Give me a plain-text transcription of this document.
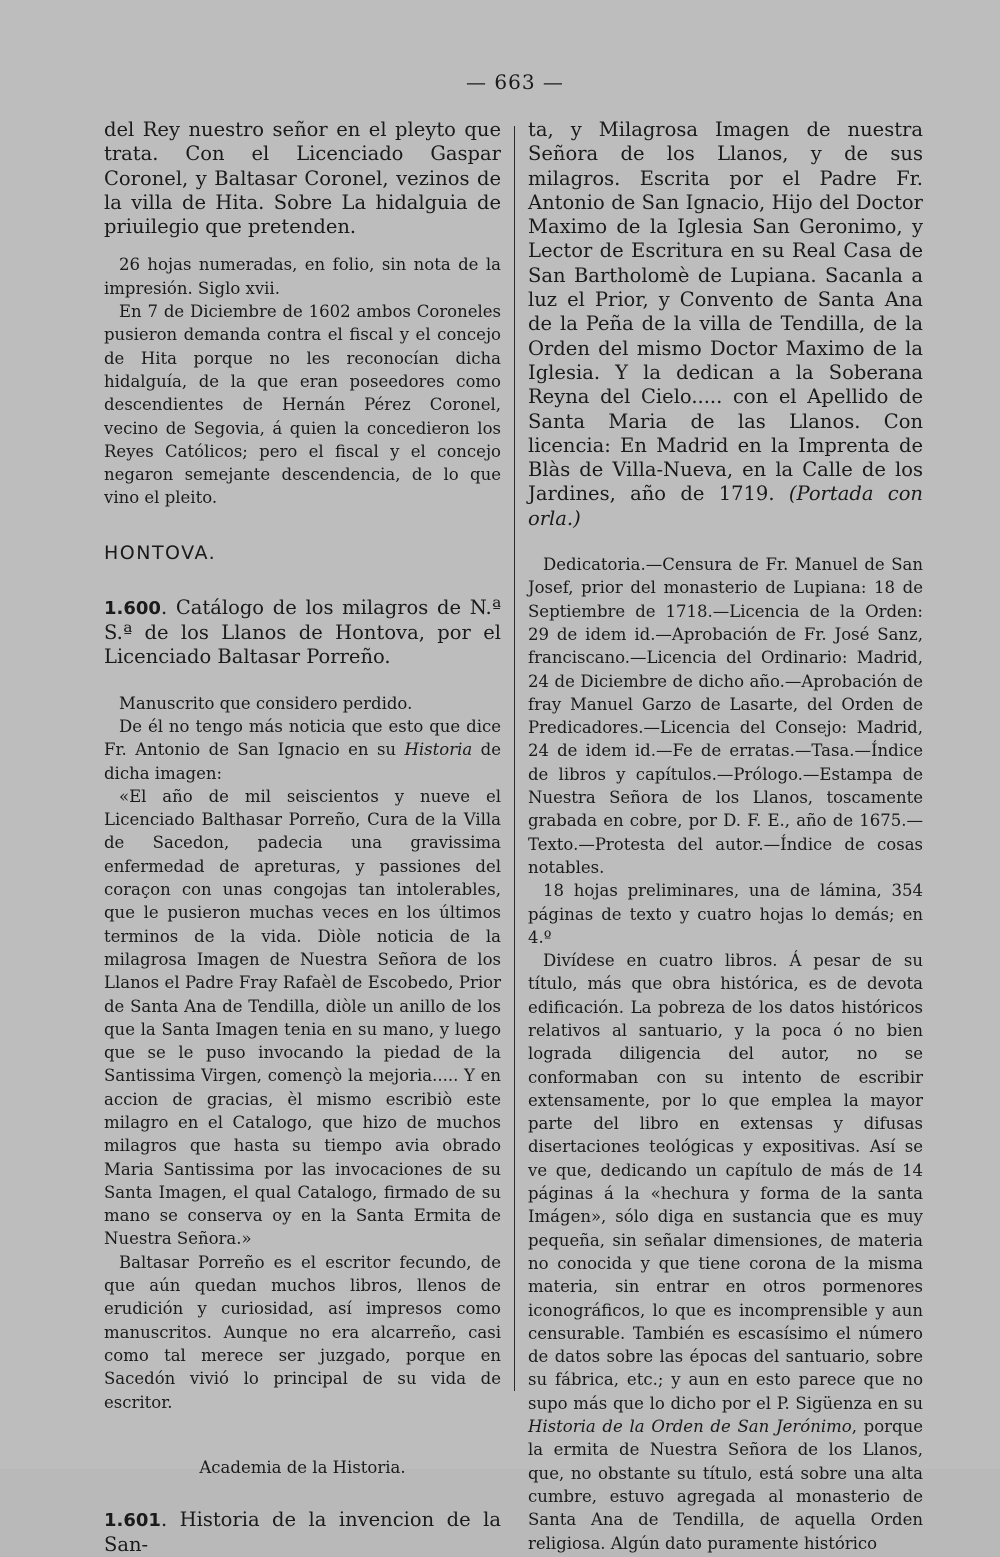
— 663 —

del Rey nuestro señor en el pleyto que trata. Con el Licenciado Gaspar Coronel, y Baltasar Coronel, vezinos de la villa de Hita. Sobre La hidalguia de priuilegio que pretenden.

26 hojas numeradas, en folio, sin nota de la impresión. Siglo xvii.

En 7 de Diciembre de 1602 ambos Coroneles pusieron demanda contra el fiscal y el concejo de Hita porque no les reconocían dicha hidalguía, de la que eran poseedores como descendientes de Hernán Pérez Coronel, vecino de Segovia, á quien la concedieron los Reyes Católicos; pero el fiscal y el concejo negaron semejante descendencia, de lo que vino el pleito.

HONTOVA.

1.600. Catálogo de los milagros de N.ª S.ª de los Llanos de Hontova, por el Licenciado Baltasar Porreño.

Manuscrito que considero perdido.

De él no tengo más noticia que esto que dice Fr. Antonio de San Ignacio en su Historia de dicha imagen:

«El año de mil seiscientos y nueve el Licenciado Balthasar Porreño, Cura de la Villa de Sacedon, padecia una gravissima enfermedad de apreturas, y passiones del coraçon con unas congojas tan intolerables, que le pusieron muchas veces en los últimos terminos de la vida. Diòle noticia de la milagrosa Imagen de Nuestra Señora de los Llanos el Padre Fray Rafaèl de Escobedo, Prior de Santa Ana de Tendilla, diòle un anillo de los que la Santa Imagen tenia en su mano, y luego que se le puso invocando la piedad de la Santissima Virgen, començò la mejoria..... Y en accion de gracias, èl mismo escribiò este milagro en el Catalogo, que hizo de muchos milagros que hasta su tiempo avia obrado Maria Santissima por las invocaciones de su Santa Imagen, el qual Catalogo, firmado de su mano se conserva oy en la Santa Ermita de Nuestra Señora.»

Baltasar Porreño es el escritor fecundo, de que aún quedan muchos libros, llenos de erudición y curiosidad, así impresos como manuscritos. Aunque no era alcarreño, casi como tal merece ser juzgado, porque en Sacedón vivió lo principal de su vida de escritor.

Academia de la Historia.

1.601. Historia de la invencion de la San-

ta, y Milagrosa Imagen de nuestra Señora de los Llanos, y de sus milagros. Escrita por el Padre Fr. Antonio de San Ignacio, Hijo del Doctor Maximo de la Iglesia San Geronimo, y Lector de Escritura en su Real Casa de San Bartholomè de Lupiana. Sacanla a luz el Prior, y Convento de Santa Ana de la Peña de la villa de Tendilla, de la Orden del mismo Doctor Maximo de la Iglesia. Y la dedican a la Soberana Reyna del Cielo..... con el Apellido de Santa Maria de las Llanos. Con licencia: En Madrid en la Imprenta de Blàs de Villa-Nueva, en la Calle de los Jardines, año de 1719. (Portada con orla.)

Dedicatoria.—Censura de Fr. Manuel de San Josef, prior del monasterio de Lupiana: 18 de Septiembre de 1718.—Licencia de la Orden: 29 de idem id.—Aprobación de Fr. José Sanz, franciscano.—Licencia del Ordinario: Madrid, 24 de Diciembre de dicho año.—Aprobación de fray Manuel Garzo de Lasarte, del Orden de Predicadores.—Licencia del Consejo: Madrid, 24 de idem id.—Fe de erratas.—Tasa.—Índice de libros y capítulos.—Prólogo.—Estampa de Nuestra Señora de los Llanos, toscamente grabada en cobre, por D. F. E., año de 1675.—Texto.—Protesta del autor.—Índice de cosas notables.

18 hojas preliminares, una de lámina, 354 páginas de texto y cuatro hojas lo demás; en 4.º

Divídese en cuatro libros. Á pesar de su título, más que obra histórica, es de devota edificación. La pobreza de los datos históricos relativos al santuario, y la poca ó no bien lograda diligencia del autor, no se conformaban con su intento de escribir extensamente, por lo que emplea la mayor parte del libro en extensas y difusas disertaciones teológicas y expositivas. Así se ve que, dedicando un capítulo de más de 14 páginas á la «hechura y forma de la santa Imágen», sólo diga en sustancia que es muy pequeña, sin señalar dimensiones, de materia no conocida y que tiene corona de la misma materia, sin entrar en otros pormenores iconográficos, lo que es incomprensible y aun censurable. También es escasísimo el número de datos sobre las épocas del santuario, sobre su fábrica, etc.; y aun en esto parece que no supo más que lo dicho por el P. Sigüenza en su Historia de la Orden de San Jerónimo, porque la ermita de Nuestra Señora de los Llanos, que, no obstante su título, está sobre una alta cumbre, estuvo agregada al monasterio de Santa Ana de Tendilla, de aquella Orden religiosa. Algún dato puramente histórico
